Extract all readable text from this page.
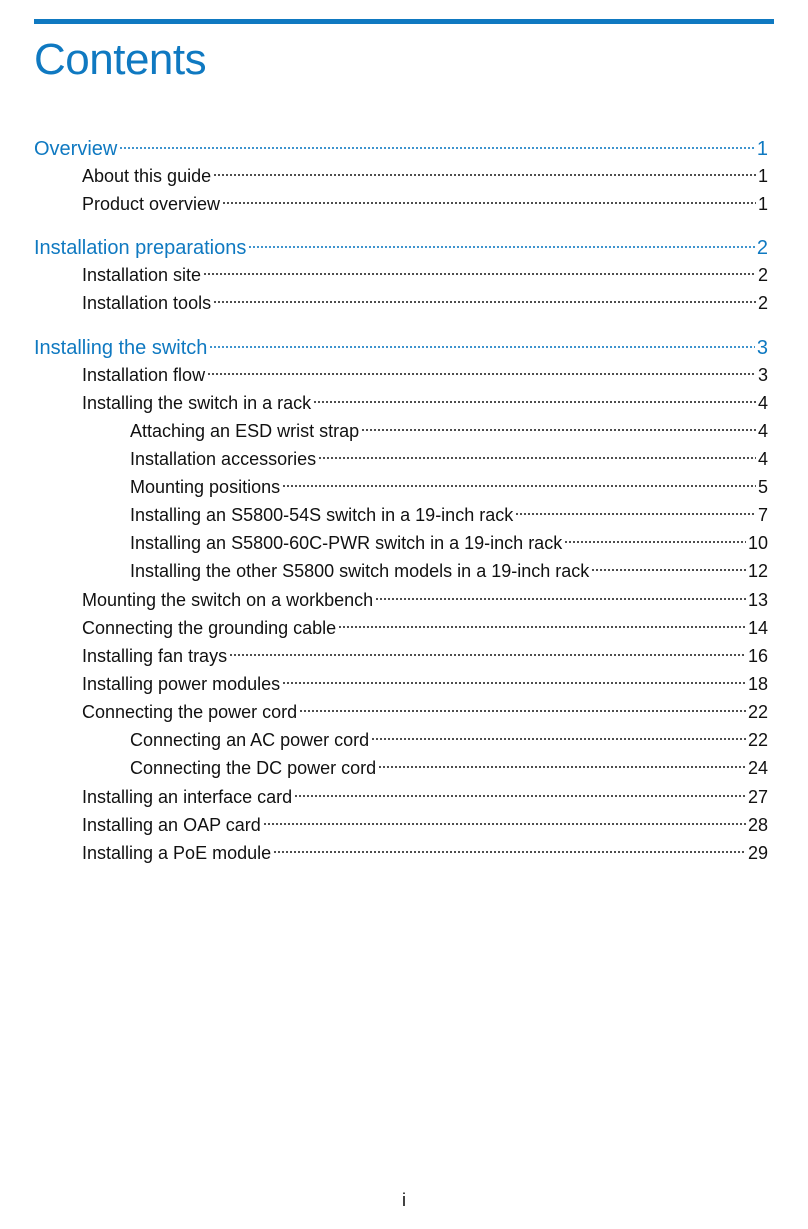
Contents
Overview	1
About this guide	1
Product overview	1
Installation preparations	2
Installation site	2
Installation tools	2
Installing the switch	3
Installation flow	3
Installing the switch in a rack	4
Attaching an ESD wrist strap	4
Installation accessories	4
Mounting positions	5
Installing an S5800-54S switch in a 19-inch rack	7
Installing an S5800-60C-PWR switch in a 19-inch rack	10
Installing the other S5800 switch models in a 19-inch rack	12
Mounting the switch on a workbench	13
Connecting the grounding cable	14
Installing fan trays	16
Installing power modules	18
Connecting the power cord	22
Connecting an AC power cord	22
Connecting the DC power cord	24
Installing an interface card	27
Installing an OAP card	28
Installing a PoE module	29
i
